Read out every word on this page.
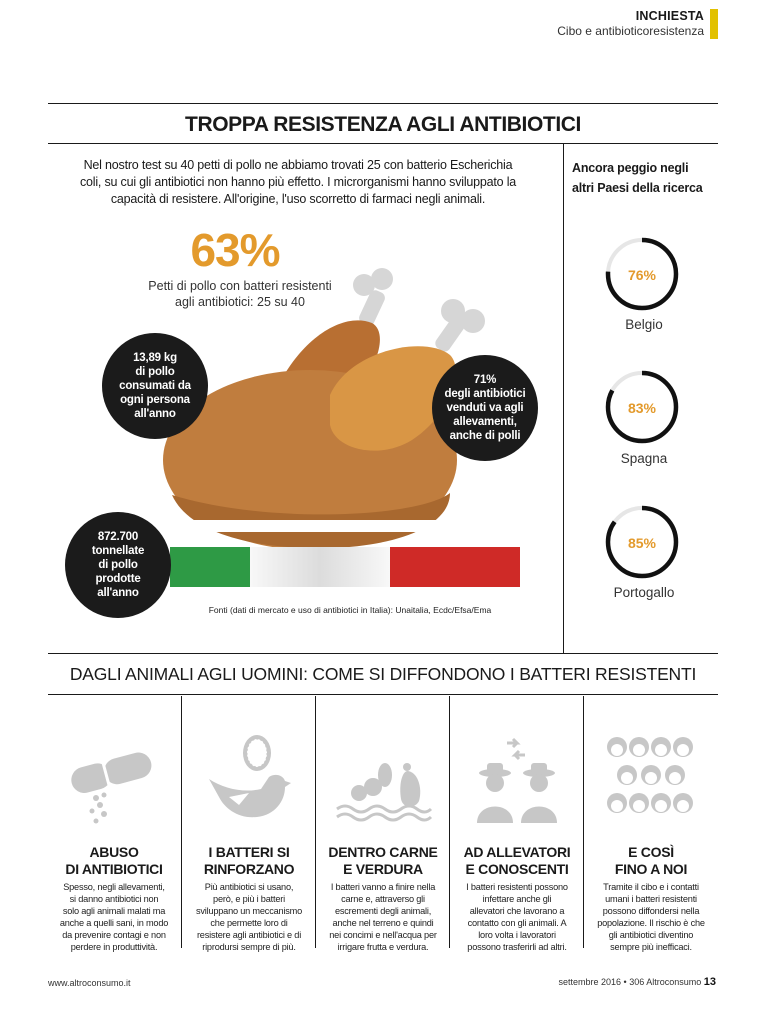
INCHIESTA
Cibo e antibioticoresistenza
TROPPA RESISTENZA AGLI ANTIBIOTICI
Nel nostro test su 40 petti di pollo ne abbiamo trovati 25 con batterio Escherichia
coli, su cui gli antibiotici non hanno più effetto. I microrganismi hanno sviluppato la
capacità di resistere. All'origine, l'uso scorretto di farmaci negli animali.
63%
Petti di pollo con batteri resistenti
agli antibiotici: 25 su 40
13,89 kg
di pollo
consumati da
ogni persona
all'anno
71%
degli antibiotici
venduti va agli
allevamenti,
anche di polli
872.700
tonnellate
di pollo
prodotte
all'anno
Fonti (dati di mercato e uso di antibiotici in Italia): Unaitalia, Ecdc/Efsa/Ema
Ancora peggio negli
altri Paesi della ricerca
76%
Belgio
83%
Spagna
85%
Portogallo
DAGLI ANIMALI AGLI UOMINI: COME SI DIFFONDONO I BATTERI RESISTENTI
ABUSO
DI ANTIBIOTICI
Spesso, negli allevamenti,
si danno antibiotici non
solo agli animali malati ma
anche a quelli sani, in modo
da prevenire contagi e non
perdere in produttività.
I BATTERI SI
RINFORZANO
Più antibiotici si usano,
però, e più i batteri
sviluppano un meccanismo
che permette loro di
resistere agli antibiotici e di
riprodursi sempre di più.
DENTRO CARNE
E VERDURA
I batteri vanno a finire nella
carne e, attraverso gli
escrementi degli animali,
anche nel terreno e quindi
nei concimi e nell'acqua per
irrigare frutta e verdura.
AD ALLEVATORI
E CONOSCENTI
I batteri resistenti possono
infettare anche gli
allevatori che lavorano a
contatto con gli animali. A
loro volta i lavoratori
possono trasferirli ad altri.
E COSÌ
FINO A NOI
Tramite il cibo e i contatti
umani i batteri resistenti
possono diffondersi nella
popolazione. Il rischio è che
gli antibiotici diventino
sempre più inefficaci.
www.altroconsumo.it	settembre 2016 • 306 Altroconsumo 13
